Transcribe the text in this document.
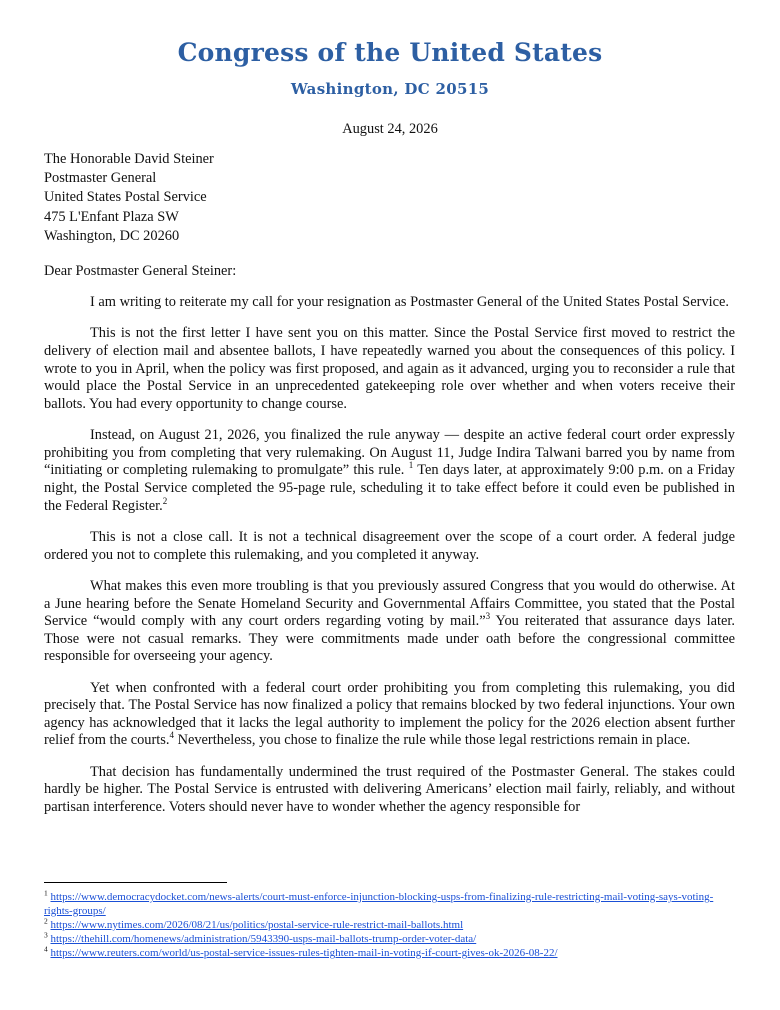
Congress of the United States
Washington, DC 20515
August 24, 2026
The Honorable David Steiner
Postmaster General
United States Postal Service
475 L'Enfant Plaza SW
Washington, DC 20260
Dear Postmaster General Steiner:

I am writing to reiterate my call for your resignation as Postmaster General of the United States Postal Service.

This is not the first letter I have sent you on this matter. Since the Postal Service first moved to restrict the delivery of election mail and absentee ballots, I have repeatedly warned you about the consequences of this policy. I wrote to you in April, when the policy was first proposed, and again as it advanced, urging you to reconsider a rule that would place the Postal Service in an unprecedented gatekeeping role over whether and when voters receive their ballots. You had every opportunity to change course.

Instead, on August 21, 2026, you finalized the rule anyway — despite an active federal court order expressly prohibiting you from completing that very rulemaking. On August 11, Judge Indira Talwani barred you by name from “initiating or completing rulemaking to promulgate” this rule. $^1$ Ten days later, at approximately 9:00 p.m. on a Friday night, the Postal Service completed the 95-page rule, scheduling it to take effect before it could even be published in the Federal Register.$^2$

This is not a close call. It is not a technical disagreement over the scope of a court order. A federal judge ordered you not to complete this rulemaking, and you completed it anyway.

What makes this even more troubling is that you previously assured Congress that you would do otherwise. At a June hearing before the Senate Homeland Security and Governmental Affairs Committee, you stated that the Postal Service “would comply with any court orders regarding voting by mail.”$^3$ You reiterated that assurance days later. Those were not casual remarks. They were commitments made under oath before the congressional committee responsible for overseeing your agency.

Yet when confronted with a federal court order prohibiting you from completing this rulemaking, you did precisely that. The Postal Service has now finalized a policy that remains blocked by two federal injunctions. Your own agency has acknowledged that it lacks the legal authority to implement the policy for the 2026 election absent further relief from the courts.$^4$ Nevertheless, you chose to finalize the rule while those legal restrictions remain in place.

That decision has fundamentally undermined the trust required of the Postmaster General. The stakes could hardly be higher. The Postal Service is entrusted with delivering Americans’ election mail fairly, reliably, and without partisan interference. Voters should never have to wonder whether the agency responsible for

$^1$ https://www.democracydocket.com/news-alerts/court-must-enforce-injunction-blocking-usps-from-finalizing-rule-restricting-mail-voting-says-voting-rights-groups/
$^2$ https://www.nytimes.com/2026/08/21/us/politics/postal-service-rule-restrict-mail-ballots.html
$^3$ https://thehill.com/homenews/administration/5943390-usps-mail-ballots-trump-order-voter-data/
$^4$ https://www.reuters.com/world/us-postal-service-issues-rules-tighten-mail-in-voting-if-court-gives-ok-2026-08-22/
